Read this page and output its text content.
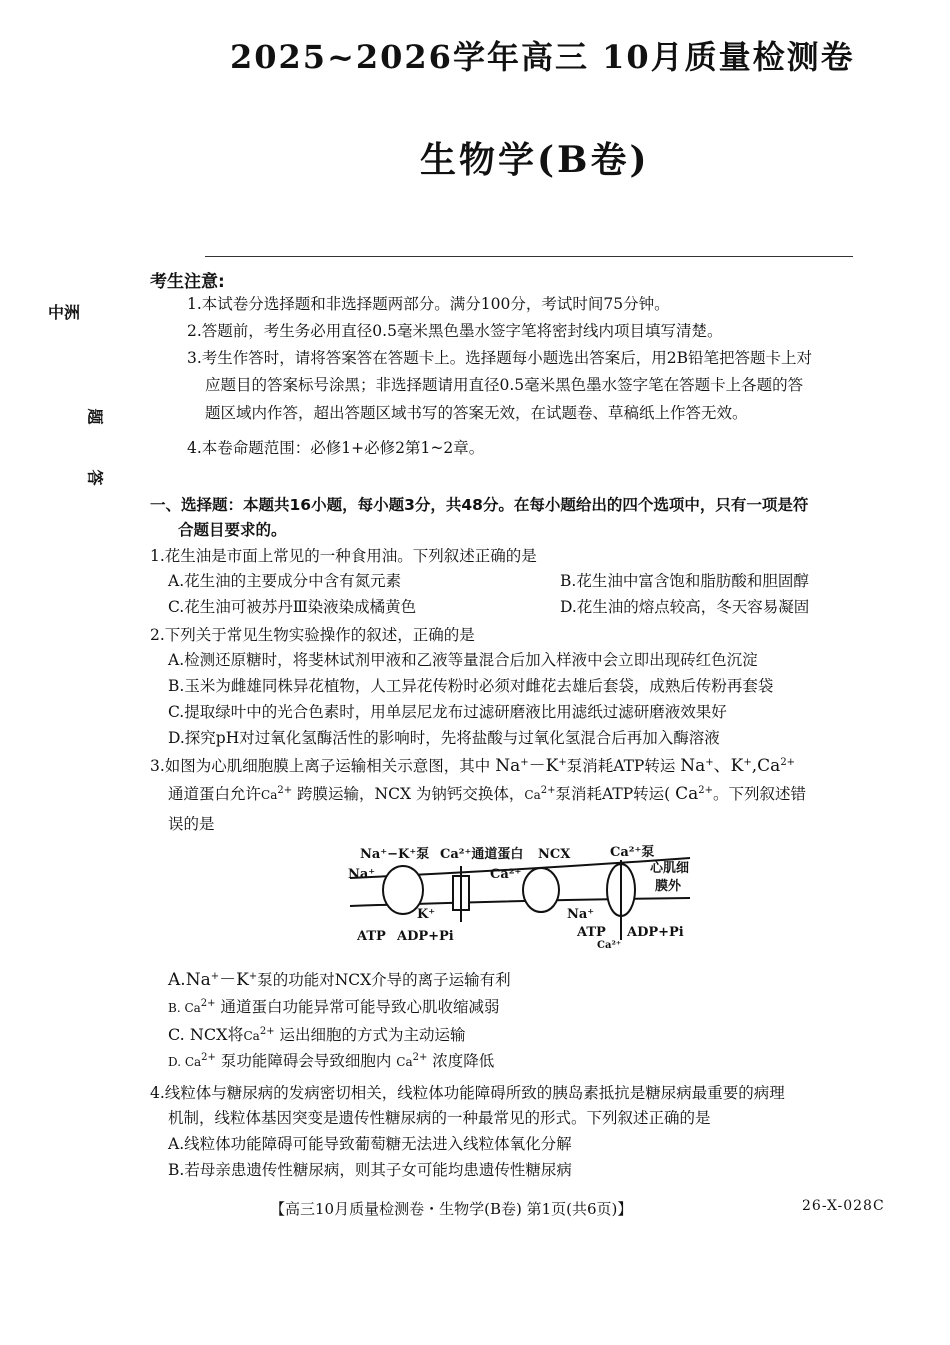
2025~2026学年高三 10月质量检测卷
生物学(B卷)
中洲
题
答
考生注意:
1.本试卷分选择题和非选择题两部分。满分100分，考试时间75分钟。
2.答题前，考生务必用直径0.5毫米黑色墨水签字笔将密封线内项目填写清楚。
3.考生作答时，请将答案答在答题卡上。选择题每小题选出答案后，用2B铅笔把答题卡上对
应题目的答案标号涂黑；非选择题请用直径0.5毫米黑色墨水签字笔在答题卡上各题的答
题区域内作答，超出答题区域书写的答案无效，在试题卷、草稿纸上作答无效。
4.本卷命题范围：必修1+必修2第1~2章。
一、选择题：本题共16小题，每小题3分，共48分。在每小题给出的四个选项中，只有一项是符
合题目要求的。
1.花生油是市面上常见的一种食用油。下列叙述正确的是
A.花生油的主要成分中含有氮元素	B.花生油中富含饱和脂肪酸和胆固醇
C.花生油可被苏丹Ⅲ染液染成橘黄色	D.花生油的熔点较高，冬天容易凝固
2.下列关于常见生物实验操作的叙述，正确的是
A.检测还原糖时，将斐林试剂甲液和乙液等量混合后加入样液中会立即出现砖红色沉淀
B.玉米为雌雄同株异花植物，人工异花传粉时必须对雌花去雄后套袋，成熟后传粉再套袋
C.提取绿叶中的光合色素时，用单层尼龙布过滤研磨液比用滤纸过滤研磨液效果好
D.探究pH对过氧化氢酶活性的影响时，先将盐酸与过氧化氢混合后再加入酶溶液
3.如图为心肌细胞膜上离子运输相关示意图，其中 Na+－K+泵消耗ATP转运 Na+、$K^+,Ca^{2+}$
通道蛋白允许$Ca^{2+}$ 跨膜运输，NCX 为钠钙交换体，$Ca^{2+}$泵消耗ATP转运( $Ca^{2+}$。下列叙述错
误的是
Na⁺−K⁺泵 Ca²⁺通道蛋白 NCX	Ca²⁺泵
Na⁺
K⁺
Ca²⁺
Na⁺
ATP ADP+Pi	ATP ADP+Pi
Ca²⁺
心肌细
膜外
A.Na+－K+泵的功能对NCX介导的离子运输有利
B. $Ca^{2+}$ 通道蛋白功能异常可能导致心肌收缩减弱
C. NCX将$Ca^{2+}$ 运出细胞的方式为主动运输
D. $Ca^{2+}$ 泵功能障碍会导致细胞内 $Ca^{2+}$ 浓度降低
4.线粒体与糖尿病的发病密切相关，线粒体功能障碍所致的胰岛素抵抗是糖尿病最重要的病理
机制，线粒体基因突变是遗传性糖尿病的一种最常见的形式。下列叙述正确的是
A.线粒体功能障碍可能导致葡萄糖无法进入线粒体氧化分解
B.若母亲患遗传性糖尿病，则其子女可能均患遗传性糖尿病
【高三10月质量检测卷・生物学(B卷) 第1页(共6页)】	26-X-028C
